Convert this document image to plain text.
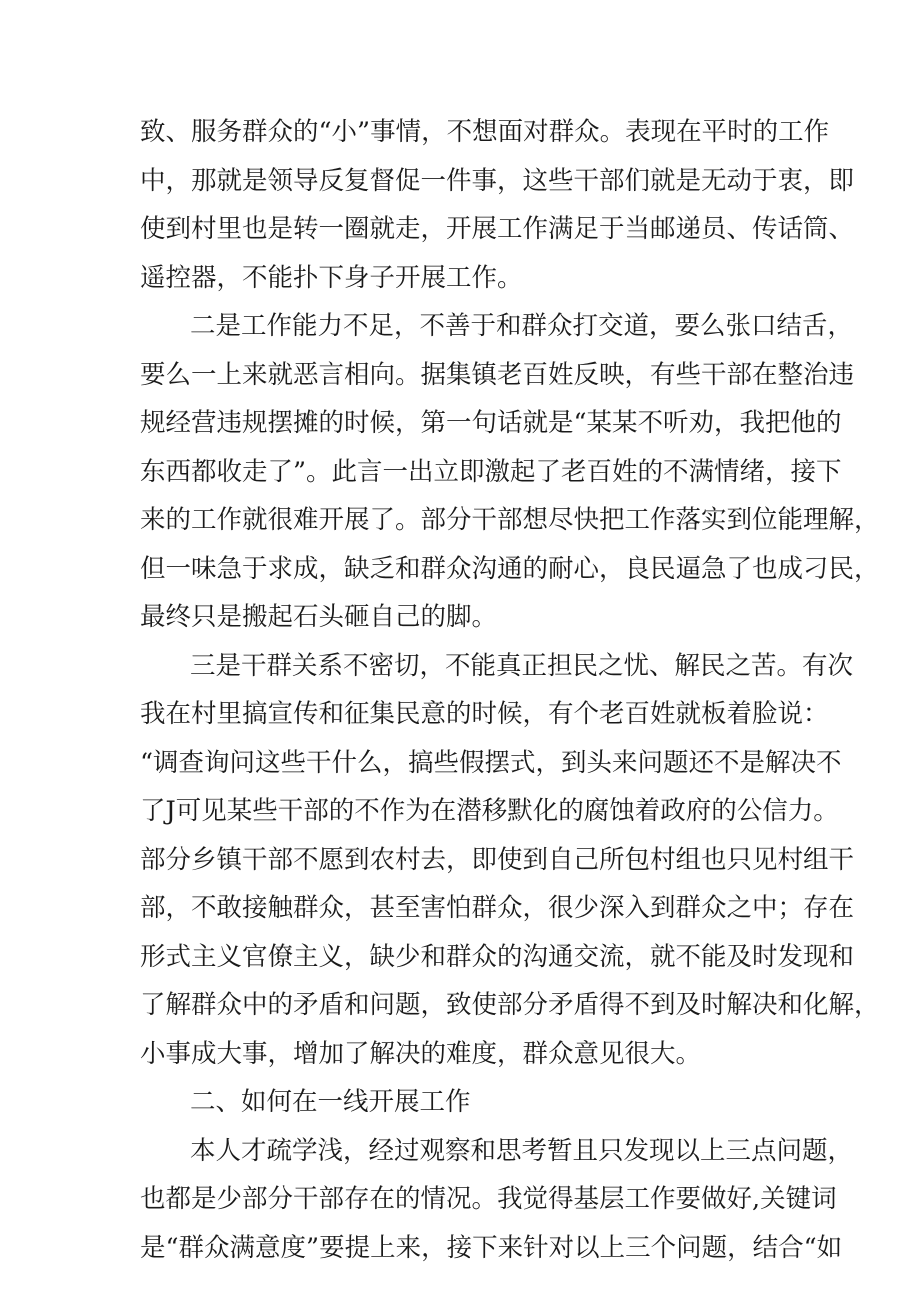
致、服务群众的“小”事情，不想面对群众。表现在平时的工作
中，那就是领导反复督促一件事，这些干部们就是无动于衷，即
使到村里也是转一圈就走，开展工作满足于当邮递员、传话筒、
遥控器，不能扑下身子开展工作。
二是工作能力不足，不善于和群众打交道，要么张口结舌，
要么一上来就恶言相向。据集镇老百姓反映，有些干部在整治违
规经营违规摆摊的时候，第一句话就是“某某不听劝，我把他的
东西都收走了”。此言一出立即激起了老百姓的不满情绪，接下
来的工作就很难开展了。部分干部想尽快把工作落实到位能理解，
但一味急于求成，缺乏和群众沟通的耐心，良民逼急了也成刁民，
最终只是搬起石头砸自己的脚。
三是干群关系不密切，不能真正担民之忧、解民之苦。有次
我在村里搞宣传和征集民意的时候，有个老百姓就板着脸说：
“调查询问这些干什么，搞些假摆式，到头来问题还不是解决不
了J可见某些干部的不作为在潜移默化的腐蚀着政府的公信力。
部分乡镇干部不愿到农村去，即使到自己所包村组也只见村组干
部，不敢接触群众，甚至害怕群众，很少深入到群众之中；存在
形式主义官僚主义，缺少和群众的沟通交流，就不能及时发现和
了解群众中的矛盾和问题，致使部分矛盾得不到及时解决和化解，
小事成大事，增加了解决的难度，群众意见很大。
二、如何在一线开展工作
本人才疏学浅，经过观察和思考暂且只发现以上三点问题，
也都是少部分干部存在的情况。我觉得基层工作要做好,关键词
是“群众满意度”要提上来，接下来针对以上三个问题，结合“如
